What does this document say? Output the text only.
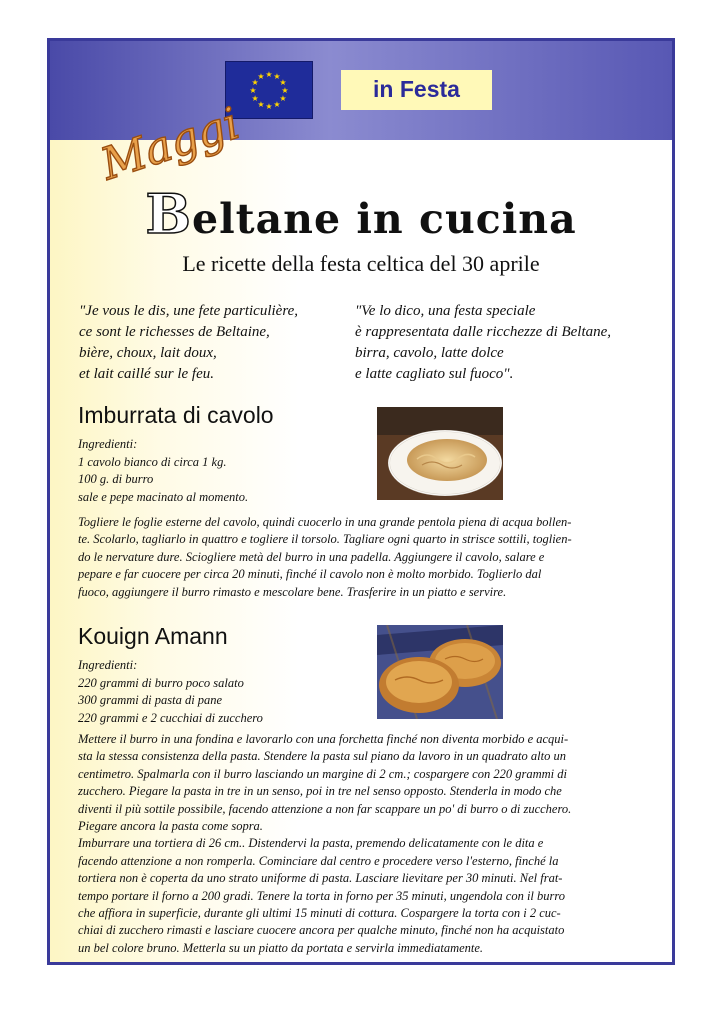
★ ★
★
★
★
★
★
★
★
★
★
★	in Festa
Maggi
Beltane in cucina
Le ricette della festa celtica del 30 aprile
"Je vous le dis, une fete particulière,
ce sont le richesses de Beltaine,
bière, choux, lait doux,
et lait caillé sur le feu.
"Ve lo dico, una festa speciale
è rappresentata dalle ricchezze di Beltane,
birra, cavolo, latte dolce
e latte cagliato sul fuoco".
Imburrata di cavolo
Ingredienti:
1 cavolo bianco di circa 1 kg.
100 g. di burro
sale e pepe macinato al momento.
Togliere le foglie esterne del cavolo, quindi cuocerlo in una grande pentola piena di acqua bollen-
te. Scolarlo, tagliarlo in quattro e togliere il torsolo. Tagliare ogni quarto in strisce sottili, toglien-
do le nervature dure. Sciogliere metà del burro in una padella. Aggiungere il cavolo, salare e
pepare e far cuocere per circa 20 minuti, finché il cavolo non è molto morbido. Toglierlo dal
fuoco, aggiungere il burro rimasto e mescolare bene. Trasferire in un piatto e servire.
Kouign Amann
Ingredienti:
220 grammi di burro poco salato
300 grammi di pasta di pane
220 grammi e 2 cucchiai di zucchero
Mettere il burro in una fondina e lavorarlo con una forchetta finché non diventa morbido e acqui-
sta la stessa consistenza della pasta. Stendere la pasta sul piano da lavoro in un quadrato alto un
centimetro. Spalmarla con il burro lasciando un margine di 2 cm.; cospargere con 220 grammi di
zucchero. Piegare la pasta in tre in un senso, poi in tre nel senso opposto. Stenderla in modo che
diventi il più sottile possibile, facendo attenzione a non far scappare un po' di burro o di zucchero.
Piegare ancora la pasta come sopra.
Imburrare una tortiera di 26 cm.. Distendervi la pasta, premendo delicatamente con le dita e
facendo attenzione a non romperla. Cominciare dal centro e procedere verso l'esterno, finché la
tortiera non è coperta da uno strato uniforme di pasta. Lasciare lievitare per 30 minuti. Nel frat-
tempo portare il forno a 200 gradi. Tenere la torta in forno per 35 minuti, ungendola con il burro
che affiora in superficie, durante gli ultimi 15 minuti di cottura. Cospargere la torta con i 2 cuc-
chiai di zucchero rimasti e lasciare cuocere ancora per qualche minuto, finché non ha acquistato
un bel colore bruno. Metterla su un piatto da portata e servirla immediatamente.
